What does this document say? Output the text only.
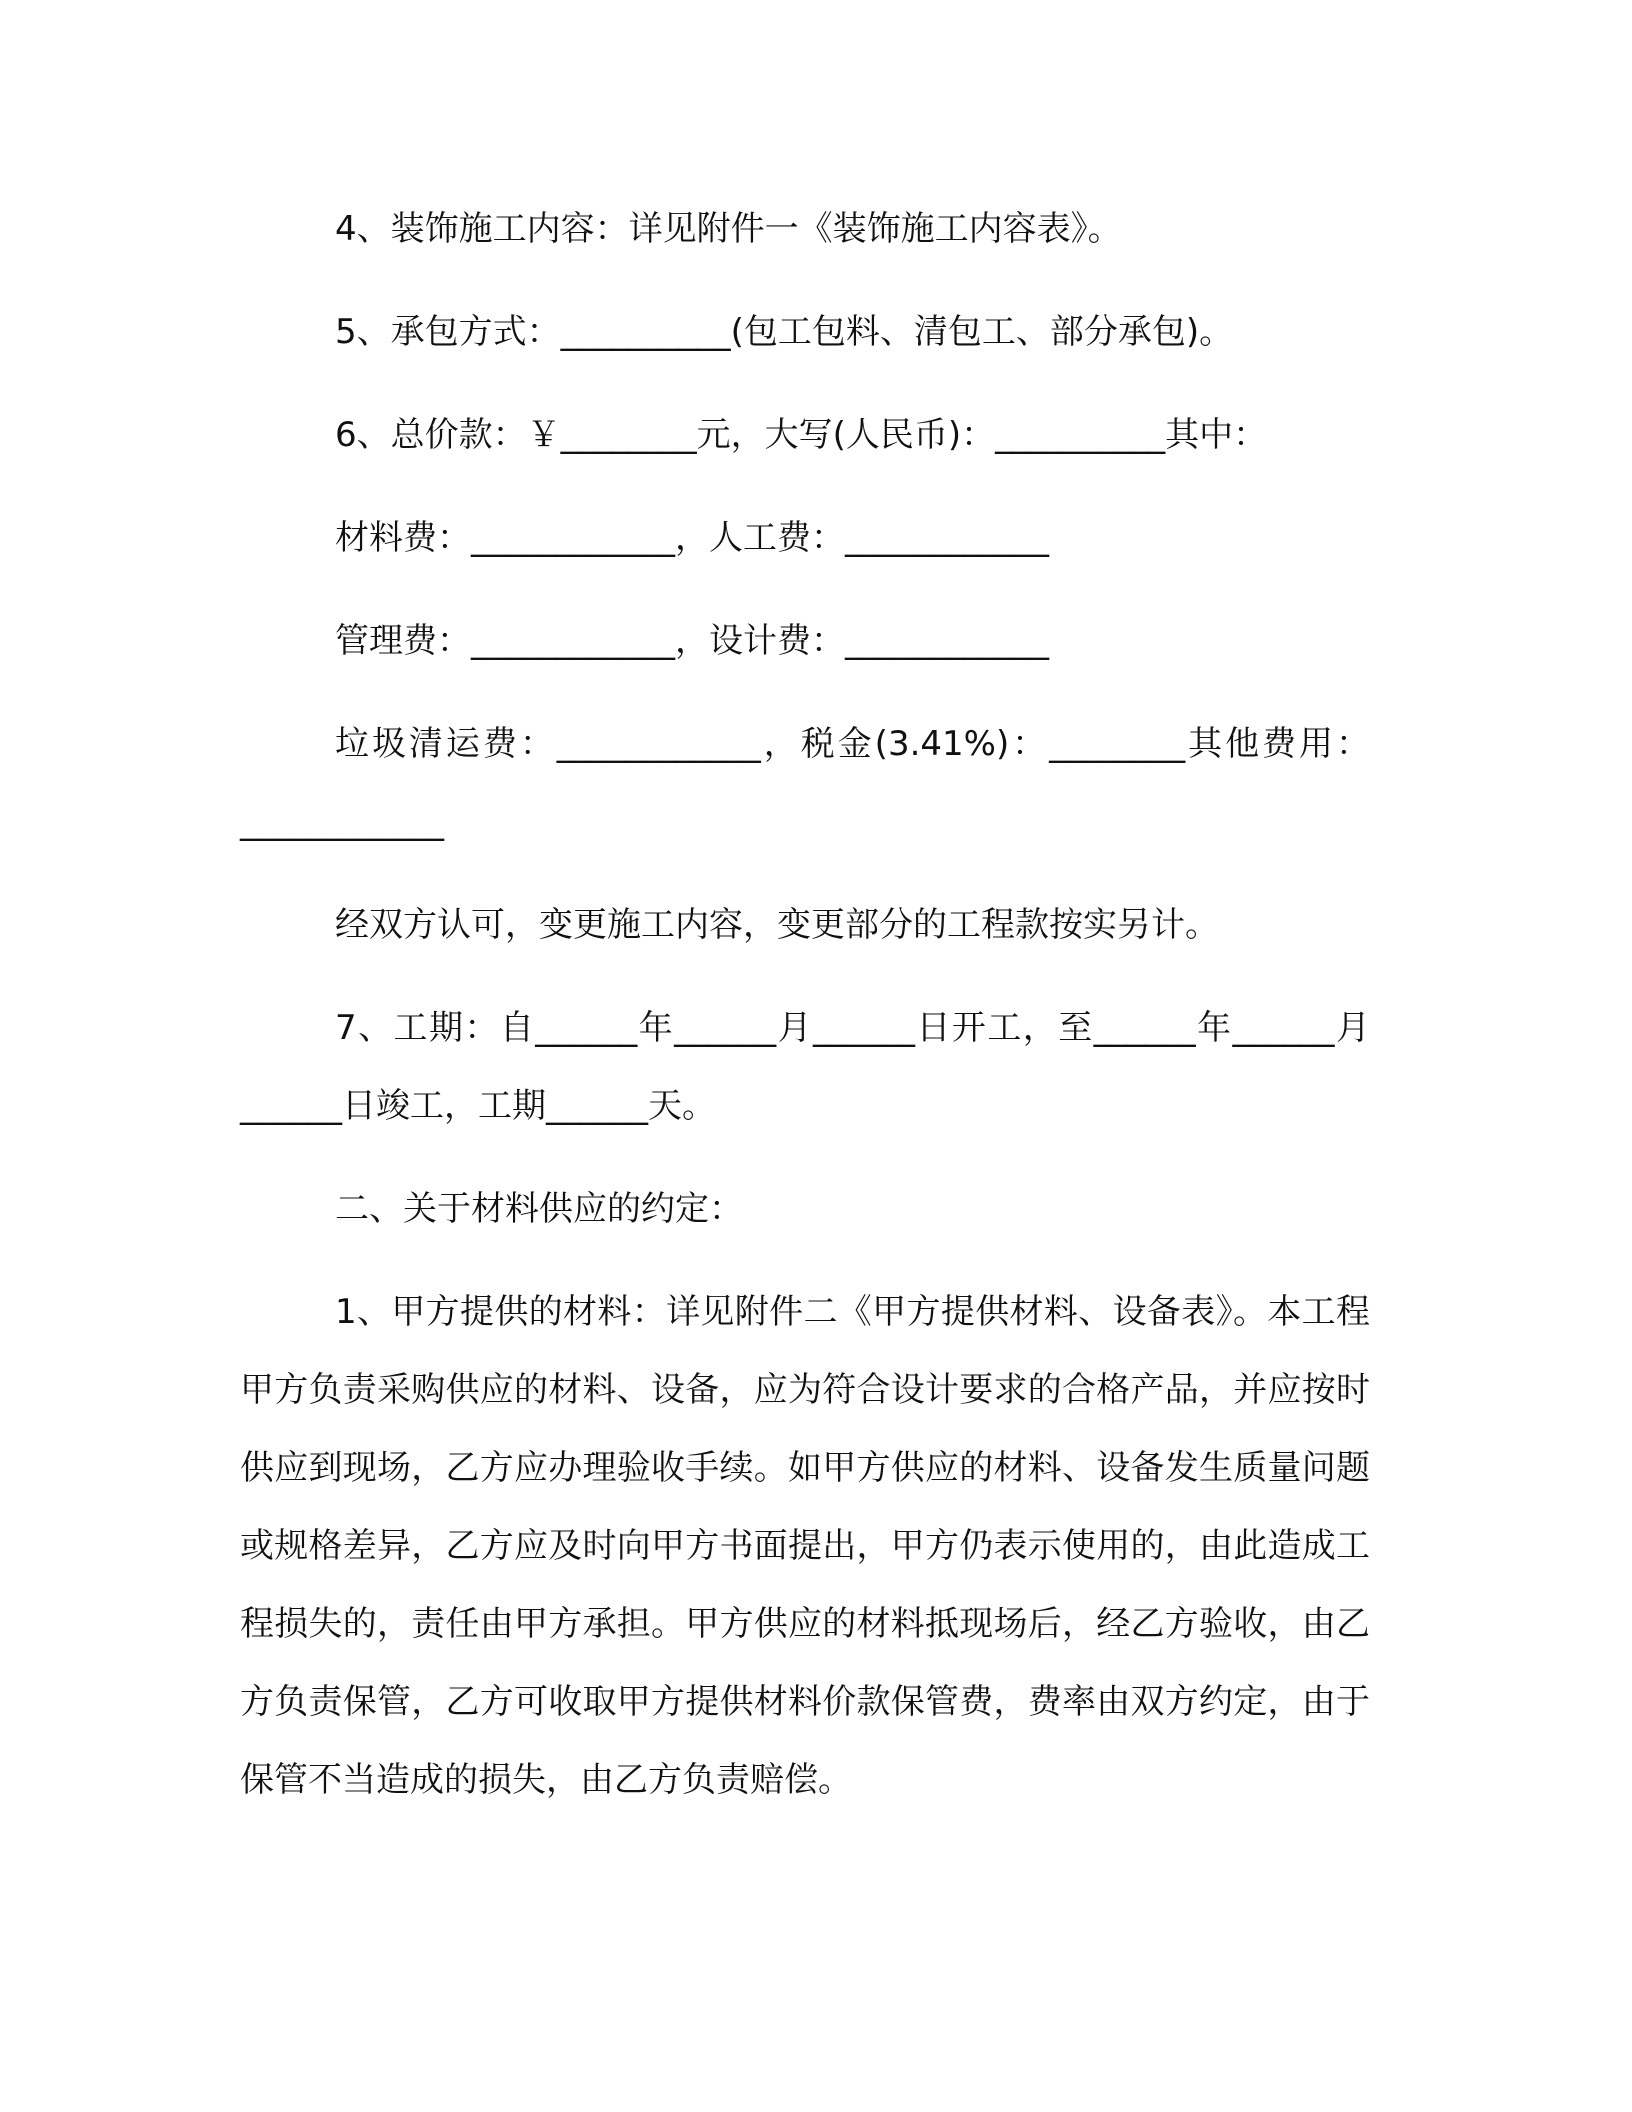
4、装饰施工内容：详见附件一《装饰施工内容表》。

5、承包方式：__________(包工包料、清包工、部分承包)。

6、总价款：￥________元，大写(人民币)：__________其中：

材料费：____________，人工费：____________

管理费：____________，设计费：____________

垃圾清运费：____________，税金(3.41%)：________其他费用：____________

经双方认可，变更施工内容，变更部分的工程款按实另计。

7、工期：自______年______月______日开工，至______年______月______日竣工，工期______天。

二、关于材料供应的约定：

1、甲方提供的材料：详见附件二《甲方提供材料、设备表》。本工程甲方负责采购供应的材料、设备，应为符合设计要求的合格产品，并应按时供应到现场，乙方应办理验收手续。如甲方供应的材料、设备发生质量问题或规格差异，乙方应及时向甲方书面提出，甲方仍表示使用的，由此造成工程损失的，责任由甲方承担。甲方供应的材料抵现场后，经乙方验收，由乙方负责保管，乙方可收取甲方提供材料价款保管费，费率由双方约定，由于保管不当造成的损失，由乙方负责赔偿。
